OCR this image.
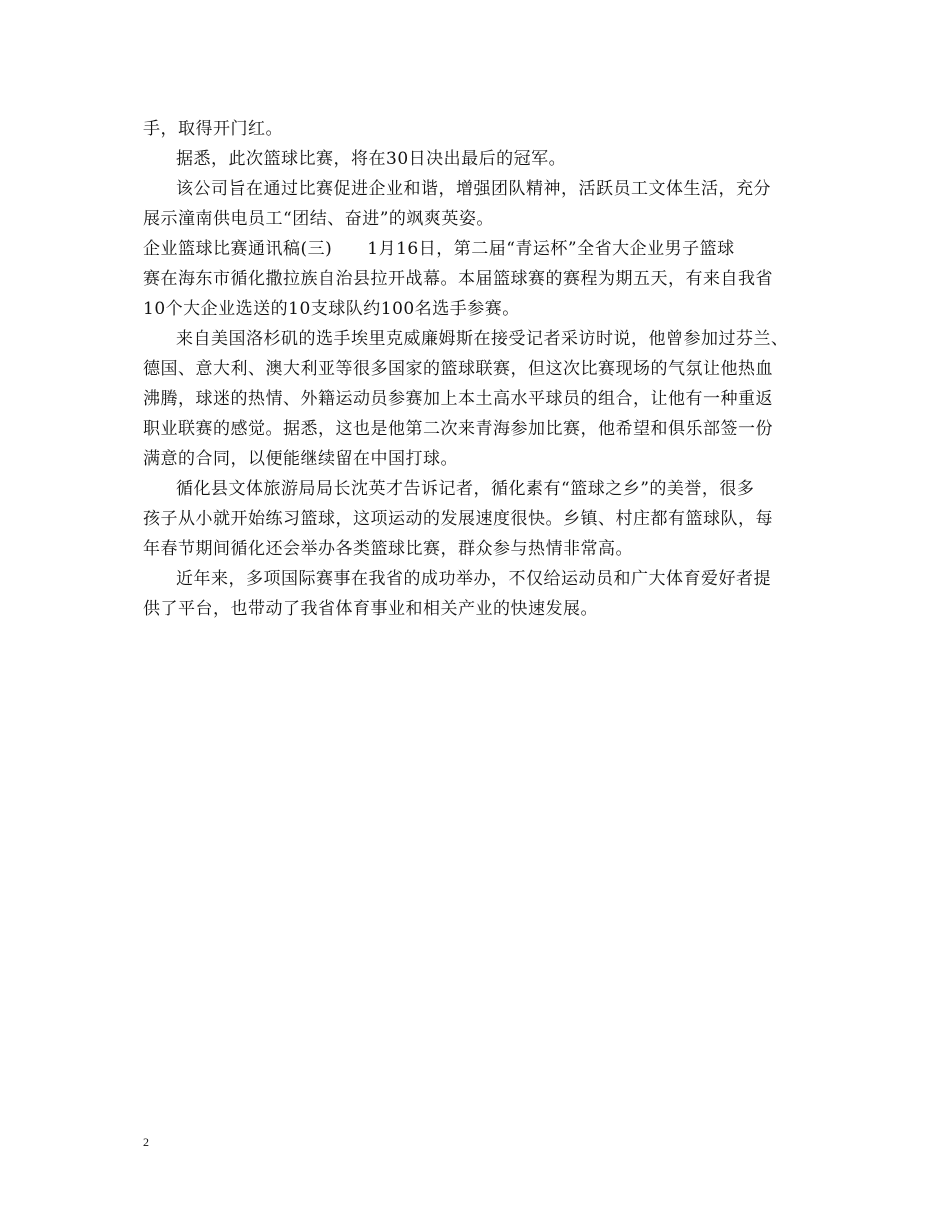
手，取得开门红。
据悉，此次篮球比赛，将在30日决出最后的冠军。
该公司旨在通过比赛促进企业和谐，增强团队精神，活跃员工文体生活，充分
展示潼南供电员工“团结、奋进”的飒爽英姿。
企业篮球比赛通讯稿(三)　　1月16日，第二届“青运杯”全省大企业男子篮球
赛在海东市循化撒拉族自治县拉开战幕。本届篮球赛的赛程为期五天，有来自我省
10个大企业选送的10支球队约100名选手参赛。
来自美国洛杉矶的选手埃里克威廉姆斯在接受记者采访时说，他曾参加过芬兰、
德国、意大利、澳大利亚等很多国家的篮球联赛，但这次比赛现场的气氛让他热血
沸腾，球迷的热情、外籍运动员参赛加上本土高水平球员的组合，让他有一种重返
职业联赛的感觉。据悉，这也是他第二次来青海参加比赛，他希望和俱乐部签一份
满意的合同，以便能继续留在中国打球。
循化县文体旅游局局长沈英才告诉记者，循化素有“篮球之乡”的美誉，很多
孩子从小就开始练习篮球，这项运动的发展速度很快。乡镇、村庄都有篮球队，每
年春节期间循化还会举办各类篮球比赛，群众参与热情非常高。
近年来，多项国际赛事在我省的成功举办，不仅给运动员和广大体育爱好者提
供了平台，也带动了我省体育事业和相关产业的快速发展。
2
